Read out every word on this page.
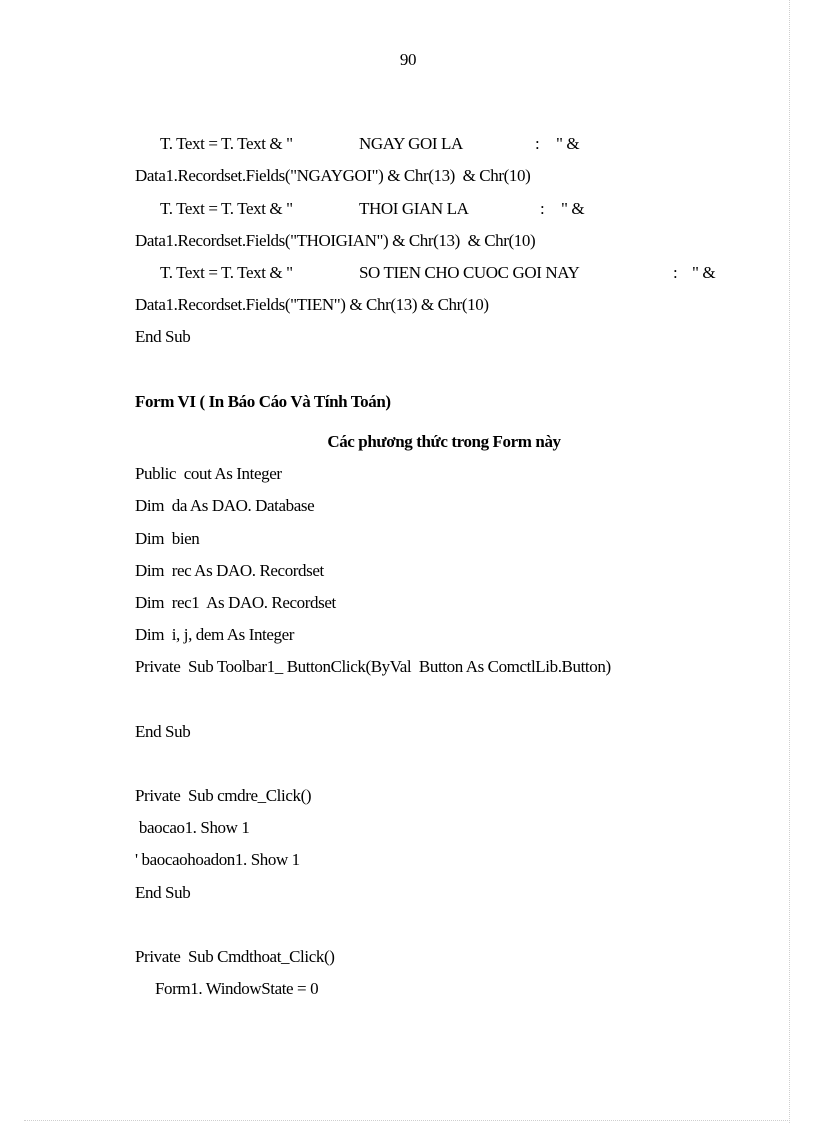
90
T. Text = T. Text & "	NGAY GOI LA	: " &
Data1.Recordset.Fields("NGAYGOI") & Chr(13)  & Chr(10)
T. Text = T. Text & "	THOI GIAN LA	: " &
Data1.Recordset.Fields("THOIGIAN") & Chr(13)  & Chr(10)
T. Text = T. Text & "	SO TIEN CHO CUOC GOI NAY	: " &
Data1.Recordset.Fields("TIEN") & Chr(13) & Chr(10)
End Sub
Form VI ( In Báo Cáo Và Tính Toán)
Các phương thức trong Form này
Public  cout As Integer
Dim  da As DAO. Database
Dim  bien
Dim  rec As DAO. Recordset
Dim  rec1  As DAO. Recordset
Dim  i, j, dem As Integer
Private  Sub Toolbar1_ ButtonClick(ByVal  Button As ComctlLib.Button)
End Sub
Private  Sub cmdre_Click()
baocao1. Show 1
' baocaohoadon1. Show 1
End Sub
Private  Sub Cmdthoat_Click()
Form1. WindowState = 0
